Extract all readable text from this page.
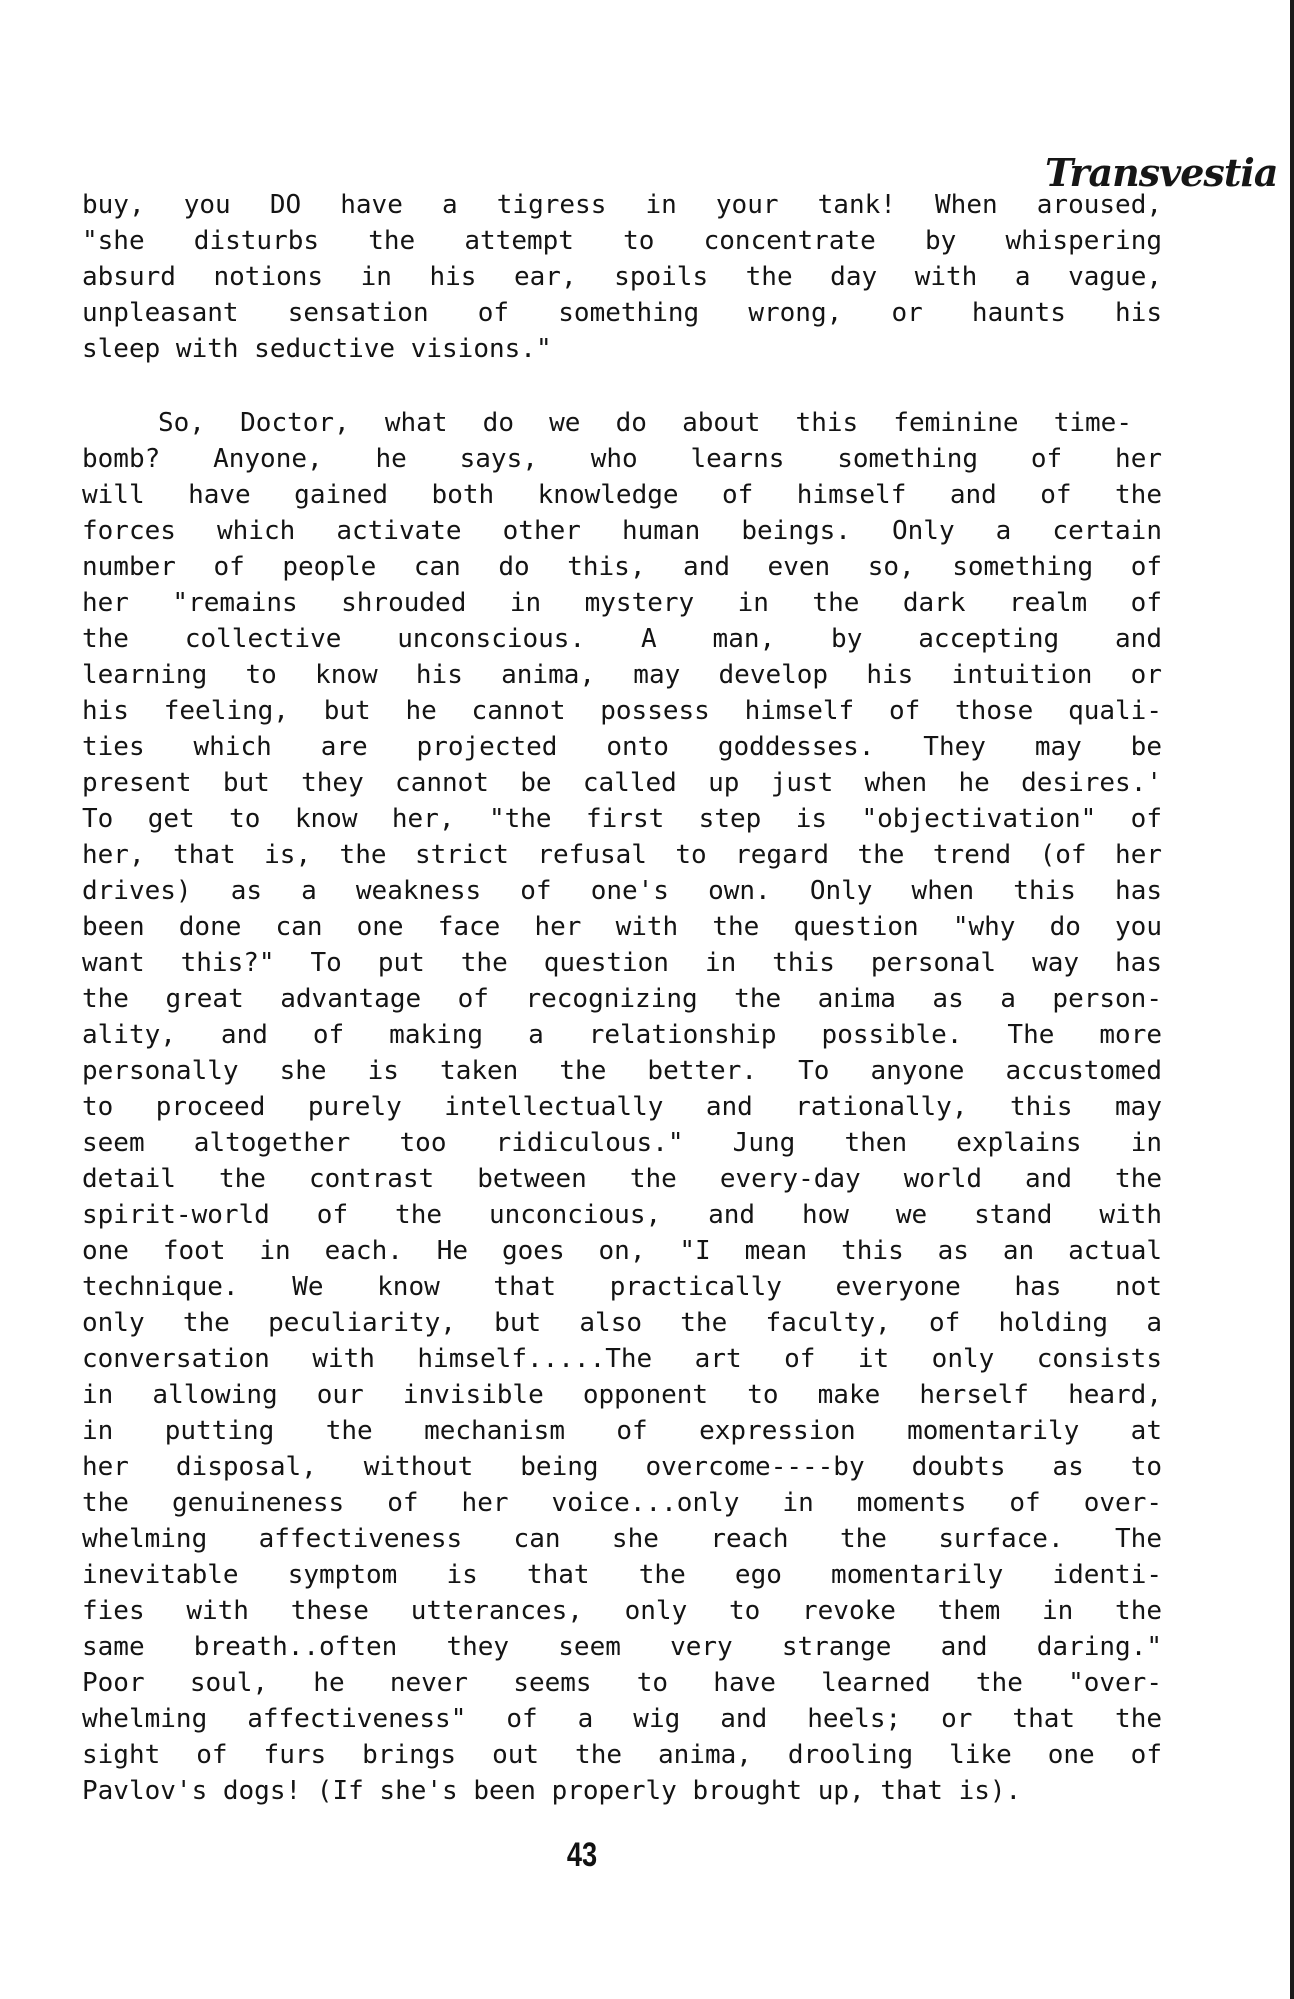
Transvestia
buy, you DO have a tigress in your tank! When aroused,
"she disturbs the attempt to concentrate by whispering
absurd notions in his ear, spoils the day with a vague,
unpleasant sensation of something wrong, or haunts his
sleep with seductive visions."
So, Doctor, what do we do about this feminine time-
bomb? Anyone, he says, who learns something of her
will have gained both knowledge of himself and of the
forces which activate other human beings. Only a certain
number of people can do this, and even so, something of
her "remains shrouded in mystery in the dark realm of
the collective unconscious. A man, by accepting and
learning to know his anima, may develop his intuition or
his feeling, but he cannot possess himself of those quali-
ties which are projected onto goddesses. They may be
present but they cannot be called up just when he desires.'
To get to know her, "the first step is "objectivation" of
her, that is, the strict refusal to regard the trend (of her
drives) as a weakness of one's own. Only when this has
been done can one face her with the question "why do you
want this?" To put the question in this personal way has
the great advantage of recognizing the anima as a person-
ality, and of making a relationship possible. The more
personally she is taken the better. To anyone accustomed
to proceed purely intellectually and rationally, this may
seem altogether too ridiculous." Jung then explains in
detail the contrast between the every-day world and the
spirit-world of the unconcious, and how we stand with
one foot in each. He goes on, "I mean this as an actual
technique. We know that practically everyone has not
only the peculiarity, but also the faculty, of holding a
conversation with himself.....The art of it only consists
in allowing our invisible opponent to make herself heard,
in putting the mechanism of expression momentarily at
her disposal, without being overcome----by doubts as to
the genuineness of her voice...only in moments of over-
whelming affectiveness can she reach the surface. The
inevitable symptom is that the ego momentarily identi-
fies with these utterances, only to revoke them in the
same breath..often they seem very strange and daring."
Poor soul, he never seems to have learned the "over-
whelming affectiveness" of a wig and heels; or that the
sight of furs brings out the anima, drooling like one of
Pavlov's dogs! (If she's been properly brought up, that is).
43
